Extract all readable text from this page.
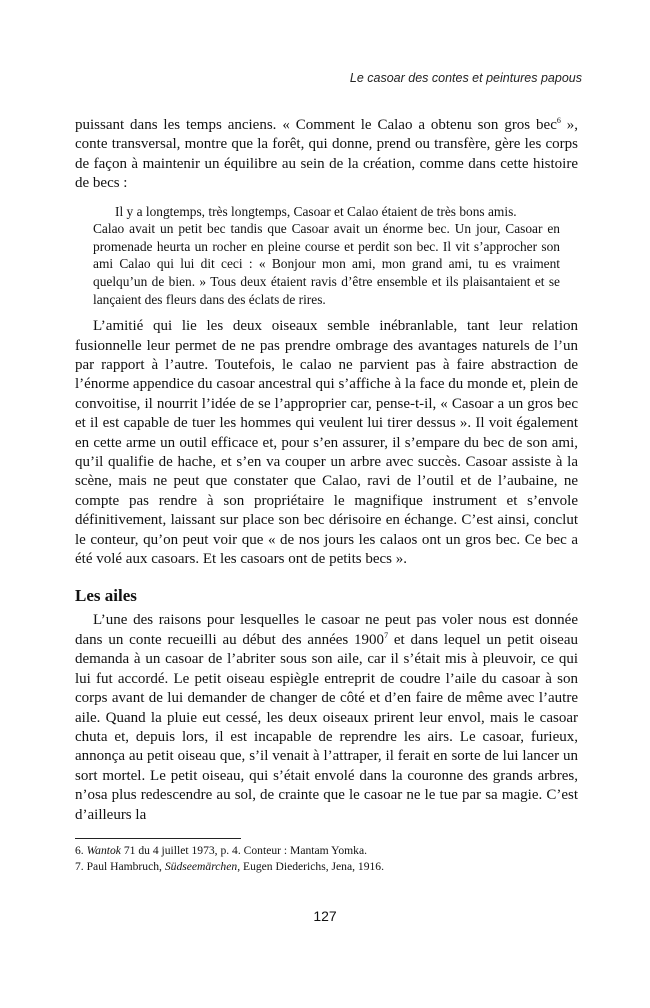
Le casoar des contes et peintures papous

puissant dans les temps anciens. « Comment le Calao a obtenu son gros bec$^6$ », conte transversal, montre que la forêt, qui donne, prend ou transfère, gère les corps de façon à maintenir un équilibre au sein de la création, comme dans cette histoire de becs :

Il y a longtemps, très longtemps, Casoar et Calao étaient de très bons amis.
Calao avait un petit bec tandis que Casoar avait un énorme bec. Un jour, Casoar en promenade heurta un rocher en pleine course et perdit son bec. Il vit s’approcher son ami Calao qui lui dit ceci : « Bonjour mon ami, mon grand ami, tu es vraiment quelqu’un de bien. » Tous deux étaient ravis d’être ensemble et ils plaisantaient et se lançaient des fleurs dans des éclats de rires.

L’amitié qui lie les deux oiseaux semble inébranlable, tant leur relation fusionnelle leur permet de ne pas prendre ombrage des avantages naturels de l’un par rapport à l’autre. Toutefois, le calao ne parvient pas à faire abstraction de l’énorme appendice du casoar ancestral qui s’affiche à la face du monde et, plein de convoitise, il nourrit l’idée de se l’approprier car, pense-t-il, « Casoar a un gros bec et il est capable de tuer les hommes qui veulent lui tirer dessus ». Il voit également en cette arme un outil efficace et, pour s’en assurer, il s’empare du bec de son ami, qu’il qualifie de hache, et s’en va couper un arbre avec succès. Casoar assiste à la scène, mais ne peut que constater que Calao, ravi de l’outil et de l’aubaine, ne compte pas rendre à son propriétaire le magnifique instrument et s’envole définitivement, laissant sur place son bec dérisoire en échange. C’est ainsi, conclut le conteur, qu’on peut voir que « de nos jours les calaos ont un gros bec. Ce bec a été volé aux casoars. Et les casoars ont de petits becs ».

Les ailes

L’une des raisons pour lesquelles le casoar ne peut pas voler nous est donnée dans un conte recueilli au début des années 1900$^7$ et dans lequel un petit oiseau demanda à un casoar de l’abriter sous son aile, car il s’était mis à pleuvoir, ce qui lui fut accordé. Le petit oiseau espiègle entreprit de coudre l’aile du casoar à son corps avant de lui demander de changer de côté et d’en faire de même avec l’autre aile. Quand la pluie eut cessé, les deux oiseaux prirent leur envol, mais le casoar chuta et, depuis lors, il est incapable de reprendre les airs. Le casoar, furieux, annonça au petit oiseau que, s’il venait à l’attraper, il ferait en sorte de lui lancer un sort mortel. Le petit oiseau, qui s’était envolé dans la couronne des grands arbres, n’osa plus redescendre au sol, de crainte que le casoar ne le tue par sa magie. C’est d’ailleurs la

6. Wantok 71 du 4 juillet 1973, p. 4. Conteur : Mantam Yomka.

7. Paul Hambruch, Südseemärchen, Eugen Diederichs, Jena, 1916.

127
